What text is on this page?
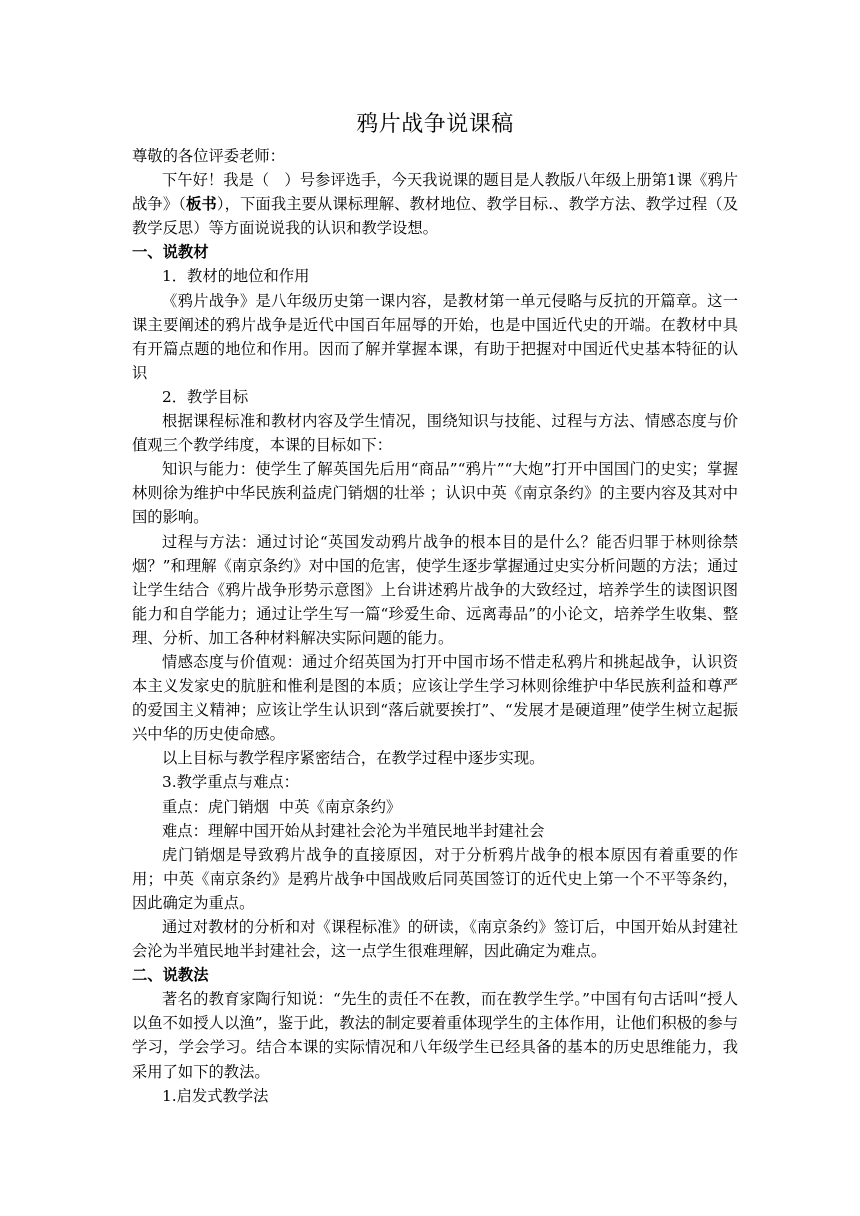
鸦片战争说课稿

尊敬的各位评委老师：

下午好！我是（　）号参评选手，今天我说课的题目是人教版八年级上册第1课《鸦片战争》（板书），下面我主要从课标理解、教材地位、教学目标.、教学方法、教学过程（及教学反思）等方面说说我的认识和教学设想。

一、说教材

1．教材的地位和作用

《鸦片战争》是八年级历史第一课内容，是教材第一单元侵略与反抗的开篇章。这一课主要阐述的鸦片战争是近代中国百年屈辱的开始，也是中国近代史的开端。在教材中具有开篇点题的地位和作用。因而了解并掌握本课，有助于把握对中国近代史基本特征的认识

2．教学目标

根据课程标准和教材内容及学生情况，围绕知识与技能、过程与方法、情感态度与价值观三个教学纬度，本课的目标如下：

知识与能力：使学生了解英国先后用“商品”“鸦片”“大炮”打开中国国门的史实；掌握林则徐为维护中华民族利益虎门销烟的壮举 ；认识中英《南京条约》的主要内容及其对中国的影响。

过程与方法：通过讨论“英国发动鸦片战争的根本目的是什么？能否归罪于林则徐禁烟？”和理解《南京条约》对中国的危害，使学生逐步掌握通过史实分析问题的方法；通过让学生结合《鸦片战争形势示意图》上台讲述鸦片战争的大致经过，培养学生的读图识图能力和自学能力；通过让学生写一篇“珍爱生命、远离毒品”的小论文，培养学生收集、整理、分析、加工各种材料解决实际问题的能力。

情感态度与价值观：通过介绍英国为打开中国市场不惜走私鸦片和挑起战争，认识资本主义发家史的肮脏和惟利是图的本质；应该让学生学习林则徐维护中华民族利益和尊严的爱国主义精神；应该让学生认识到“落后就要挨打”、“发展才是硬道理”使学生树立起振兴中华的历史使命感。

以上目标与教学程序紧密结合，在教学过程中逐步实现。

3.教学重点与难点：

重点：虎门销烟  中英《南京条约》

难点：理解中国开始从封建社会沦为半殖民地半封建社会

虎门销烟是导致鸦片战争的直接原因，对于分析鸦片战争的根本原因有着重要的作用；中英《南京条约》是鸦片战争中国战败后同英国签订的近代史上第一个不平等条约，因此确定为重点。

通过对教材的分析和对《课程标准》的研读，《南京条约》签订后，中国开始从封建社会沦为半殖民地半封建社会，这一点学生很难理解，因此确定为难点。

二、说教法

著名的教育家陶行知说：“先生的责任不在教，而在教学生学。”中国有句古话叫“授人以鱼不如授人以渔”，鉴于此，教法的制定要着重体现学生的主体作用，让他们积极的参与学习，学会学习。结合本课的实际情况和八年级学生已经具备的基本的历史思维能力，我采用了如下的教法。

1.启发式教学法
